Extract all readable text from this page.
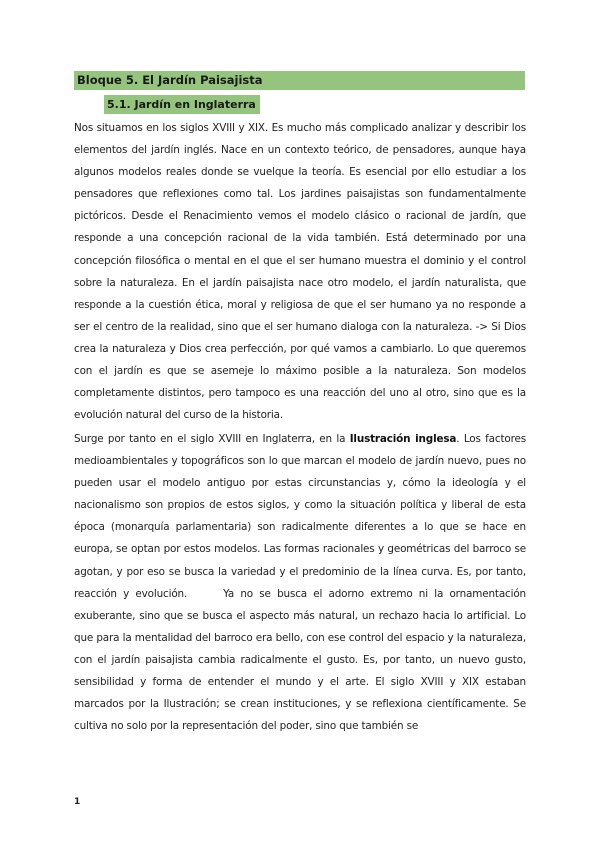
Bloque 5. El Jardín Paisajista
5.1. Jardín en Inglaterra

Nos situamos en los siglos XVIII y XIX. Es mucho más complicado analizar y describir los elementos del jardín inglés. Nace en un contexto teórico, de pensadores, aunque haya algunos modelos reales donde se vuelque la teoría. Es esencial por ello estudiar a los pensadores que reflexiones como tal. Los jardines paisajistas son fundamentalmente pictóricos. Desde el Renacimiento vemos el modelo clásico o racional de jardín, que responde a una concepción racional de la vida también. Está determinado por una concepción filosófica o mental en el que el ser humano muestra el dominio y el control sobre la naturaleza. En el jardín paisajista nace otro modelo, el jardín naturalista, que responde a la cuestión ética, moral y religiosa de que el ser humano ya no responde a ser el centro de la realidad, sino que el ser humano dialoga con la naturaleza. -> Si Dios crea la naturaleza y Dios crea perfección, por qué vamos a cambiarlo. Lo que queremos con el jardín es que se asemeje lo máximo posible a la naturaleza. Son modelos completamente distintos, pero tampoco es una reacción del uno al otro, sino que es la evolución natural del curso de la historia.

Surge por tanto en el siglo XVIII en Inglaterra, en la Ilustración inglesa. Los factores medioambientales y topográficos son lo que marcan el modelo de jardín nuevo, pues no pueden usar el modelo antiguo por estas circunstancias y, cómo la ideología y el nacionalismo son propios de estos siglos, y como la situación política y liberal de esta época (monarquía parlamentaria) son radicalmente diferentes a lo que se hace en europa, se optan por estos modelos. Las formas racionales y geométricas del barroco se agotan, y por eso se busca la variedad y el predominio de la línea curva. Es, por tanto, reacción y evolución.	Ya no se busca el adorno extremo ni la ornamentación exuberante, sino que se busca el aspecto más natural, un rechazo hacia lo artificial. Lo que para la mentalidad del barroco era bello, con ese control del espacio y la naturaleza, con el jardín paisajista cambia radicalmente el gusto. Es, por tanto, un nuevo gusto, sensibilidad y forma de entender el mundo y el arte. El siglo XVIII y XIX estaban marcados por la Ilustración; se crean instituciones, y se reflexiona científicamente. Se cultiva no solo por la representación del poder, sino que también se

1
